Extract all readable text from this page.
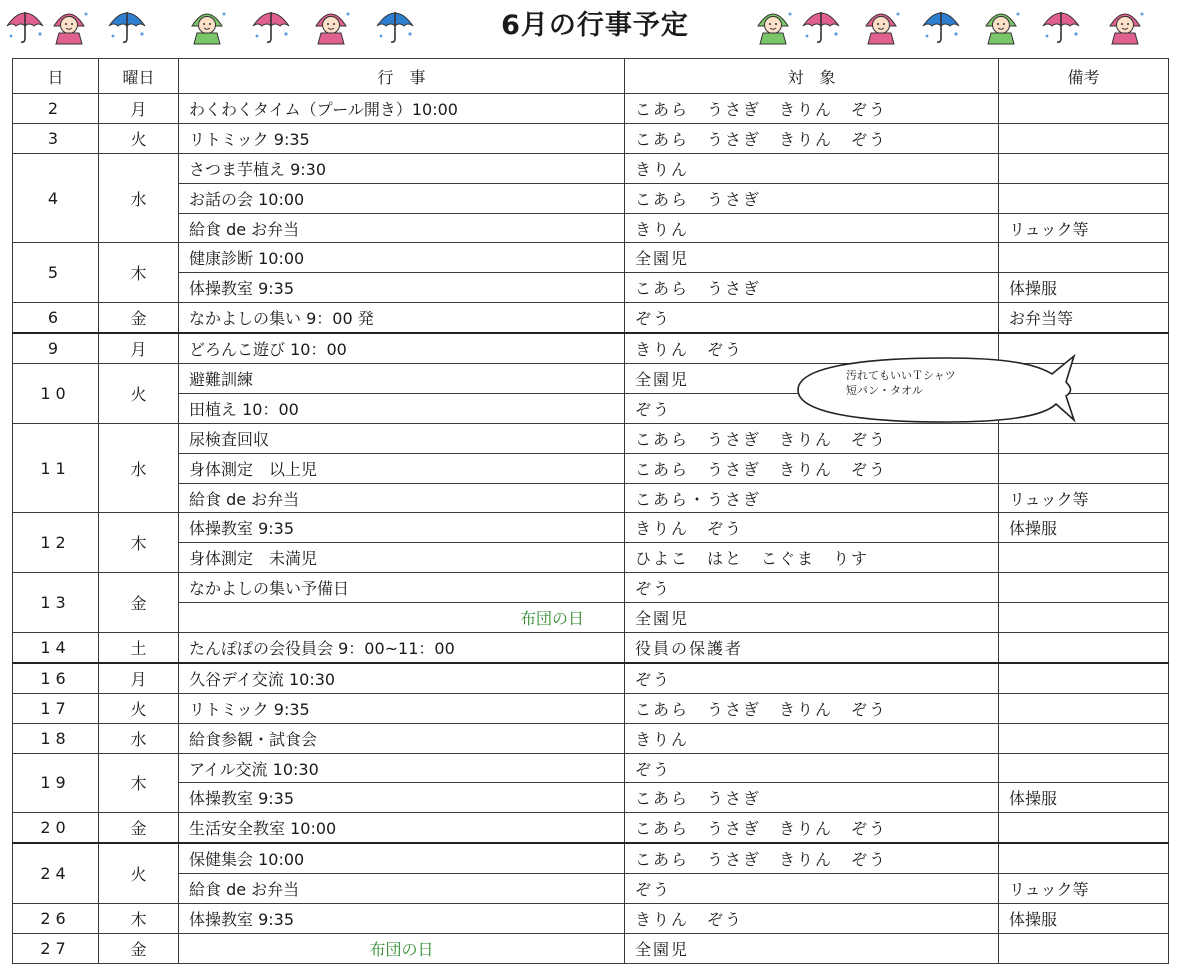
6月の行事予定
日	曜日	行　事	対　象	備考
2	月	わくわくタイム（プール開き）10:00	こあら　うさぎ　きりん　ぞう	
3	火	リトミック 9:35	こあら　うさぎ　きりん　ぞう	
4	水	さつま芋植え 9:30	きりん	
		お話の会 10:00	こあら　うさぎ	
		給食 de お弁当	きりん	リュック等
5	木	健康診断 10:00	全園児	
		体操教室 9:35	こあら　うさぎ	体操服
6	金	なかよしの集い 9：00 発	ぞう	お弁当等
9	月	どろんこ遊び 10：00	きりん　ぞう	
10	火	避難訓練	全園児	
		田植え 10：00	ぞう	
11	水	尿検査回収	こあら　うさぎ　きりん　ぞう	
		身体測定　以上児	こあら　うさぎ　きりん　ぞう	
		給食 de お弁当	こあら・うさぎ	リュック等
12	木	体操教室 9:35	きりん　ぞう	体操服
		身体測定　未満児	ひよこ　はと　こぐま　りす	
13	金	なかよしの集い予備日	ぞう	
		布団の日	全園児	
14	土	たんぽぽの会役員会 9：00~11：00	役員の保護者	
16	月	久谷デイ交流 10:30	ぞう	
17	火	リトミック 9:35	こあら　うさぎ　きりん　ぞう	
18	水	給食参観・試食会	きりん	
19	木	アイル交流 10:30	ぞう	
		体操教室 9:35	こあら　うさぎ	体操服
20	金	生活安全教室 10:00	こあら　うさぎ　きりん　ぞう	
24	火	保健集会 10:00	こあら　うさぎ　きりん　ぞう	
		給食 de お弁当	ぞう	リュック等
26	木	体操教室 9:35	きりん　ぞう	体操服
27	金	布団の日	全園児	
汚れてもいいＴシャツ
短パン・タオル
